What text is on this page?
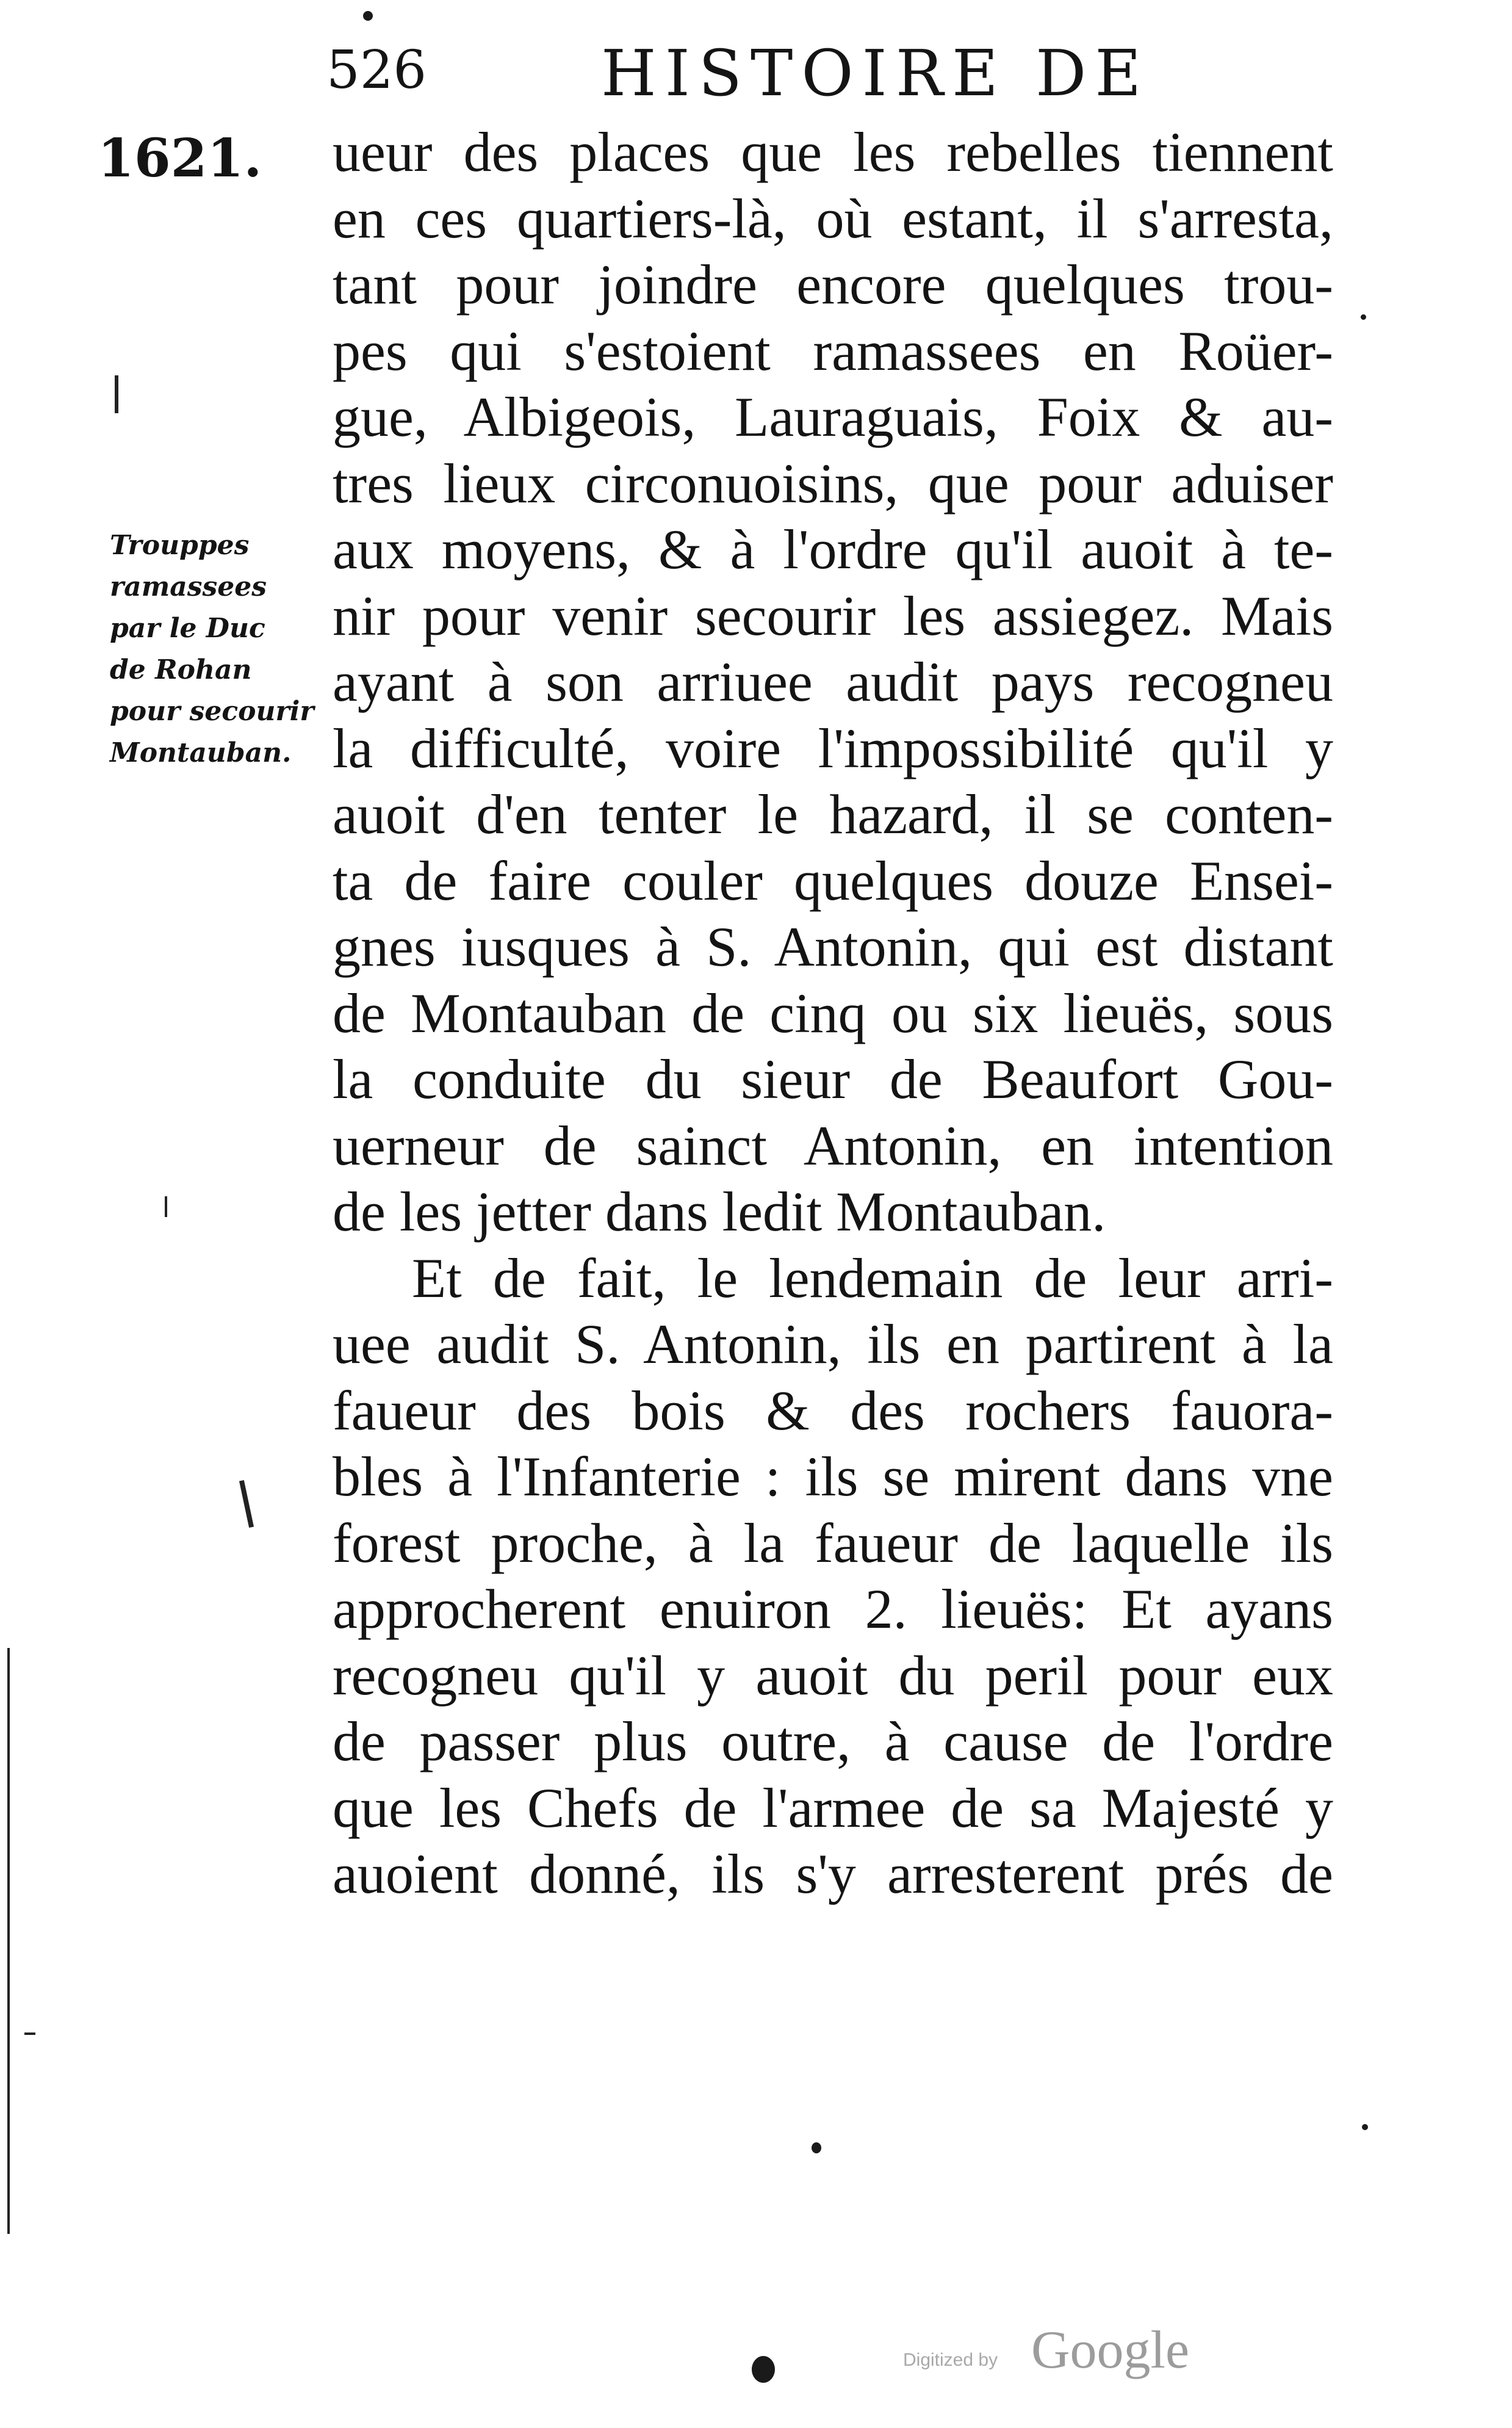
526	HISTOIRE DE
1621.
Trouppes
ramassees
par le Duc
de Rohan
pour secourir
Montauban.
ueur des places que les rebelles tiennent
en ces quartiers-là, où estant, il s'arresta,
tant pour joindre encore quelques trou-
pes qui s'estoient ramassees en Roüer-
gue, Albigeois, Lauraguais, Foix & au-
tres lieux circonuoisins, que pour aduiser
aux moyens, & à l'ordre qu'il auoit à te-
nir pour venir secourir les assiegez. Mais
ayant à son arriuee audit pays recogneu
la difficulté, voire l'impossibilité qu'il y
auoit d'en tenter le hazard, il se conten-
ta de faire couler quelques douze Ensei-
gnes iusques à S. Antonin, qui est distant
de Montauban de cinq ou six lieuës, sous
la conduite du sieur de Beaufort Gou-
uerneur de sainct Antonin, en intention
de les jetter dans ledit Montauban.
Et de fait, le lendemain de leur arri-
uee audit S. Antonin, ils en partirent à la
faueur des bois & des rochers fauora-
bles à l'Infanterie : ils se mirent dans vne
forest proche, à la faueur de laquelle ils
approcherent enuiron 2. lieuës: Et ayans
recogneu qu'il y auoit du peril pour eux
de passer plus outre, à cause de l'ordre
que les Chefs de l'armee de sa Majesté y
auoient donné, ils s'y arresterent prés de
Digitized by Google
